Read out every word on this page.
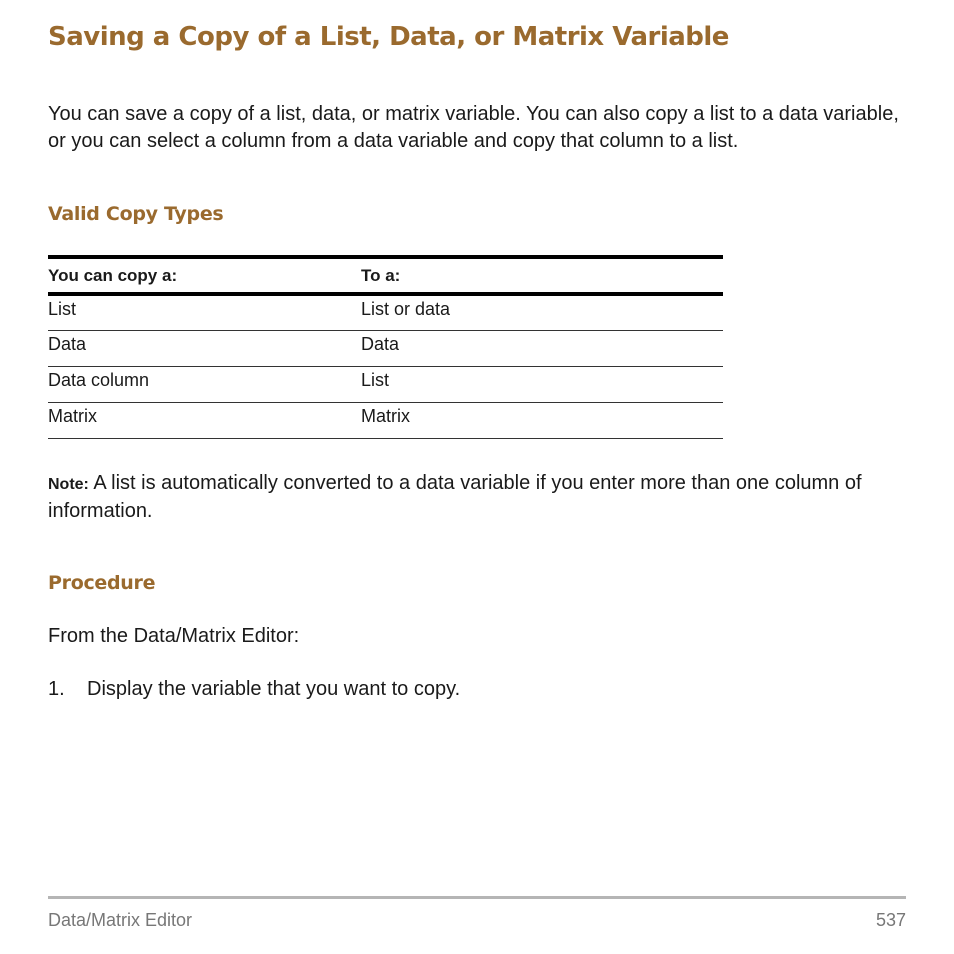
Saving a Copy of a List, Data, or Matrix Variable

You can save a copy of a list, data, or matrix variable. You can also copy a list to a data variable, or you can select a column from a data variable and copy that column to a list.

Valid Copy Types
You can copy a:	To a:
List	List or data
Data	Data
Data column	List
Matrix	Matrix

Note: A list is automatically converted to a data variable if you enter more than one column of information.

Procedure

From the Data/Matrix Editor:

1.	Display the variable that you want to copy.
Data/Matrix Editor	537
